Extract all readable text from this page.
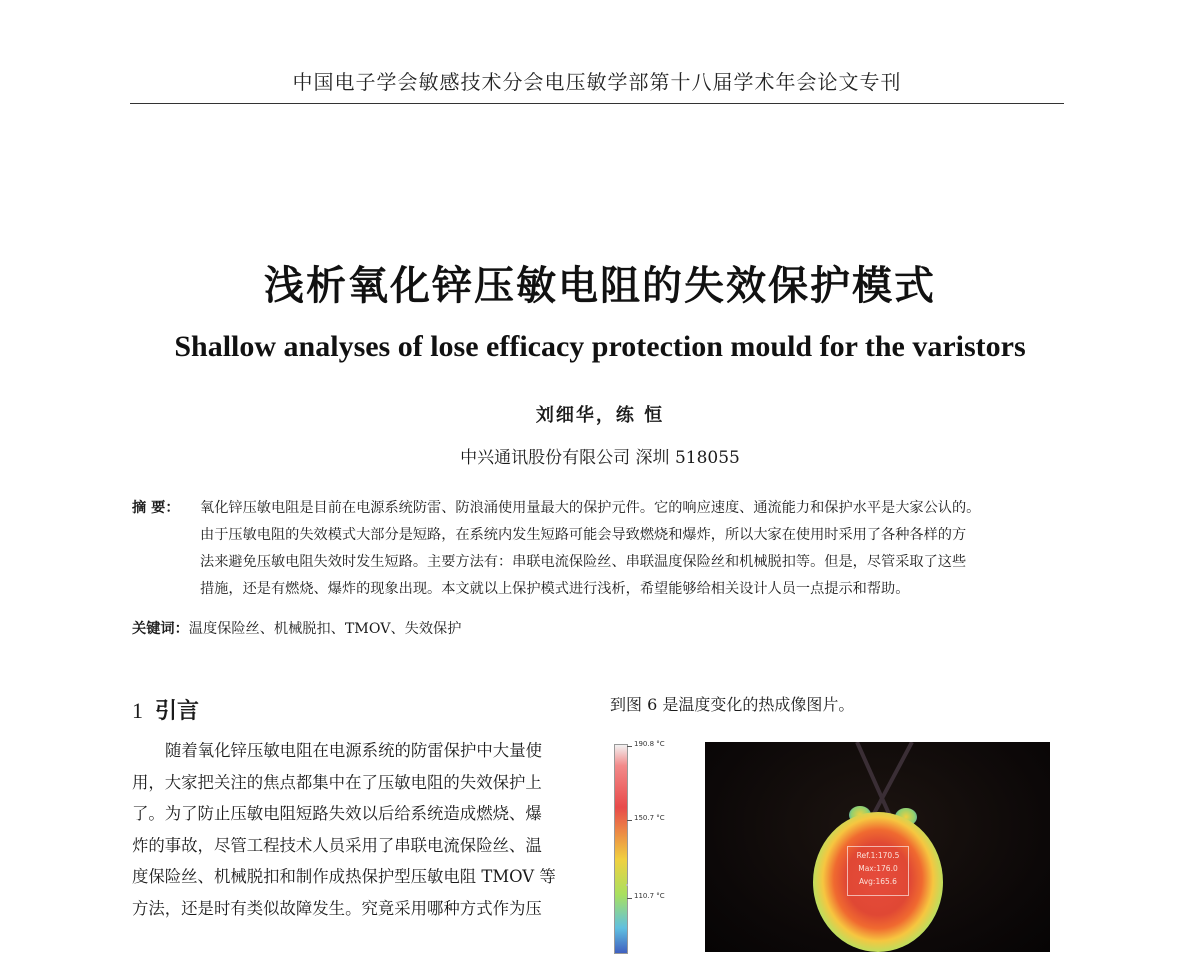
中国电子学会敏感技术分会电压敏学部第十八届学术年会论文专刊
浅析氧化锌压敏电阻的失效保护模式
Shallow analyses of lose efficacy protection mould for the varistors
刘细华，练 恒
中兴通讯股份有限公司 深圳 518055
摘 要：	氧化锌压敏电阻是目前在电源系统防雷、防浪涌使用量最大的保护元件。它的响应速度、通流能力和保护水平是大家公认的。
由于压敏电阻的失效模式大部分是短路，在系统内发生短路可能会导致燃烧和爆炸，所以大家在使用时采用了各种各样的方
法来避免压敏电阻失效时发生短路。主要方法有：串联电流保险丝、串联温度保险丝和机械脱扣等。但是，尽管采取了这些
措施，还是有燃烧、爆炸的现象出现。本文就以上保护模式进行浅析，希望能够给相关设计人员一点提示和帮助。
关键词：温度保险丝、机械脱扣、TMOV、失效保护
1 引言
随着氧化锌压敏电阻在电源系统的防雷保护中大量使
用，大家把关注的焦点都集中在了压敏电阻的失效保护上
了。为了防止压敏电阻短路失效以后给系统造成燃烧、爆
炸的事故，尽管工程技术人员采用了串联电流保险丝、温
度保险丝、机械脱扣和制作成热保护型压敏电阻 TMOV 等
方法，还是时有类似故障发生。究竟采用哪种方式作为压
到图 6 是温度变化的热成像图片。
190.8 °C
150.7 °C
110.7 °C
Ref.1:170.5
Max:176.0
Avg:165.6
